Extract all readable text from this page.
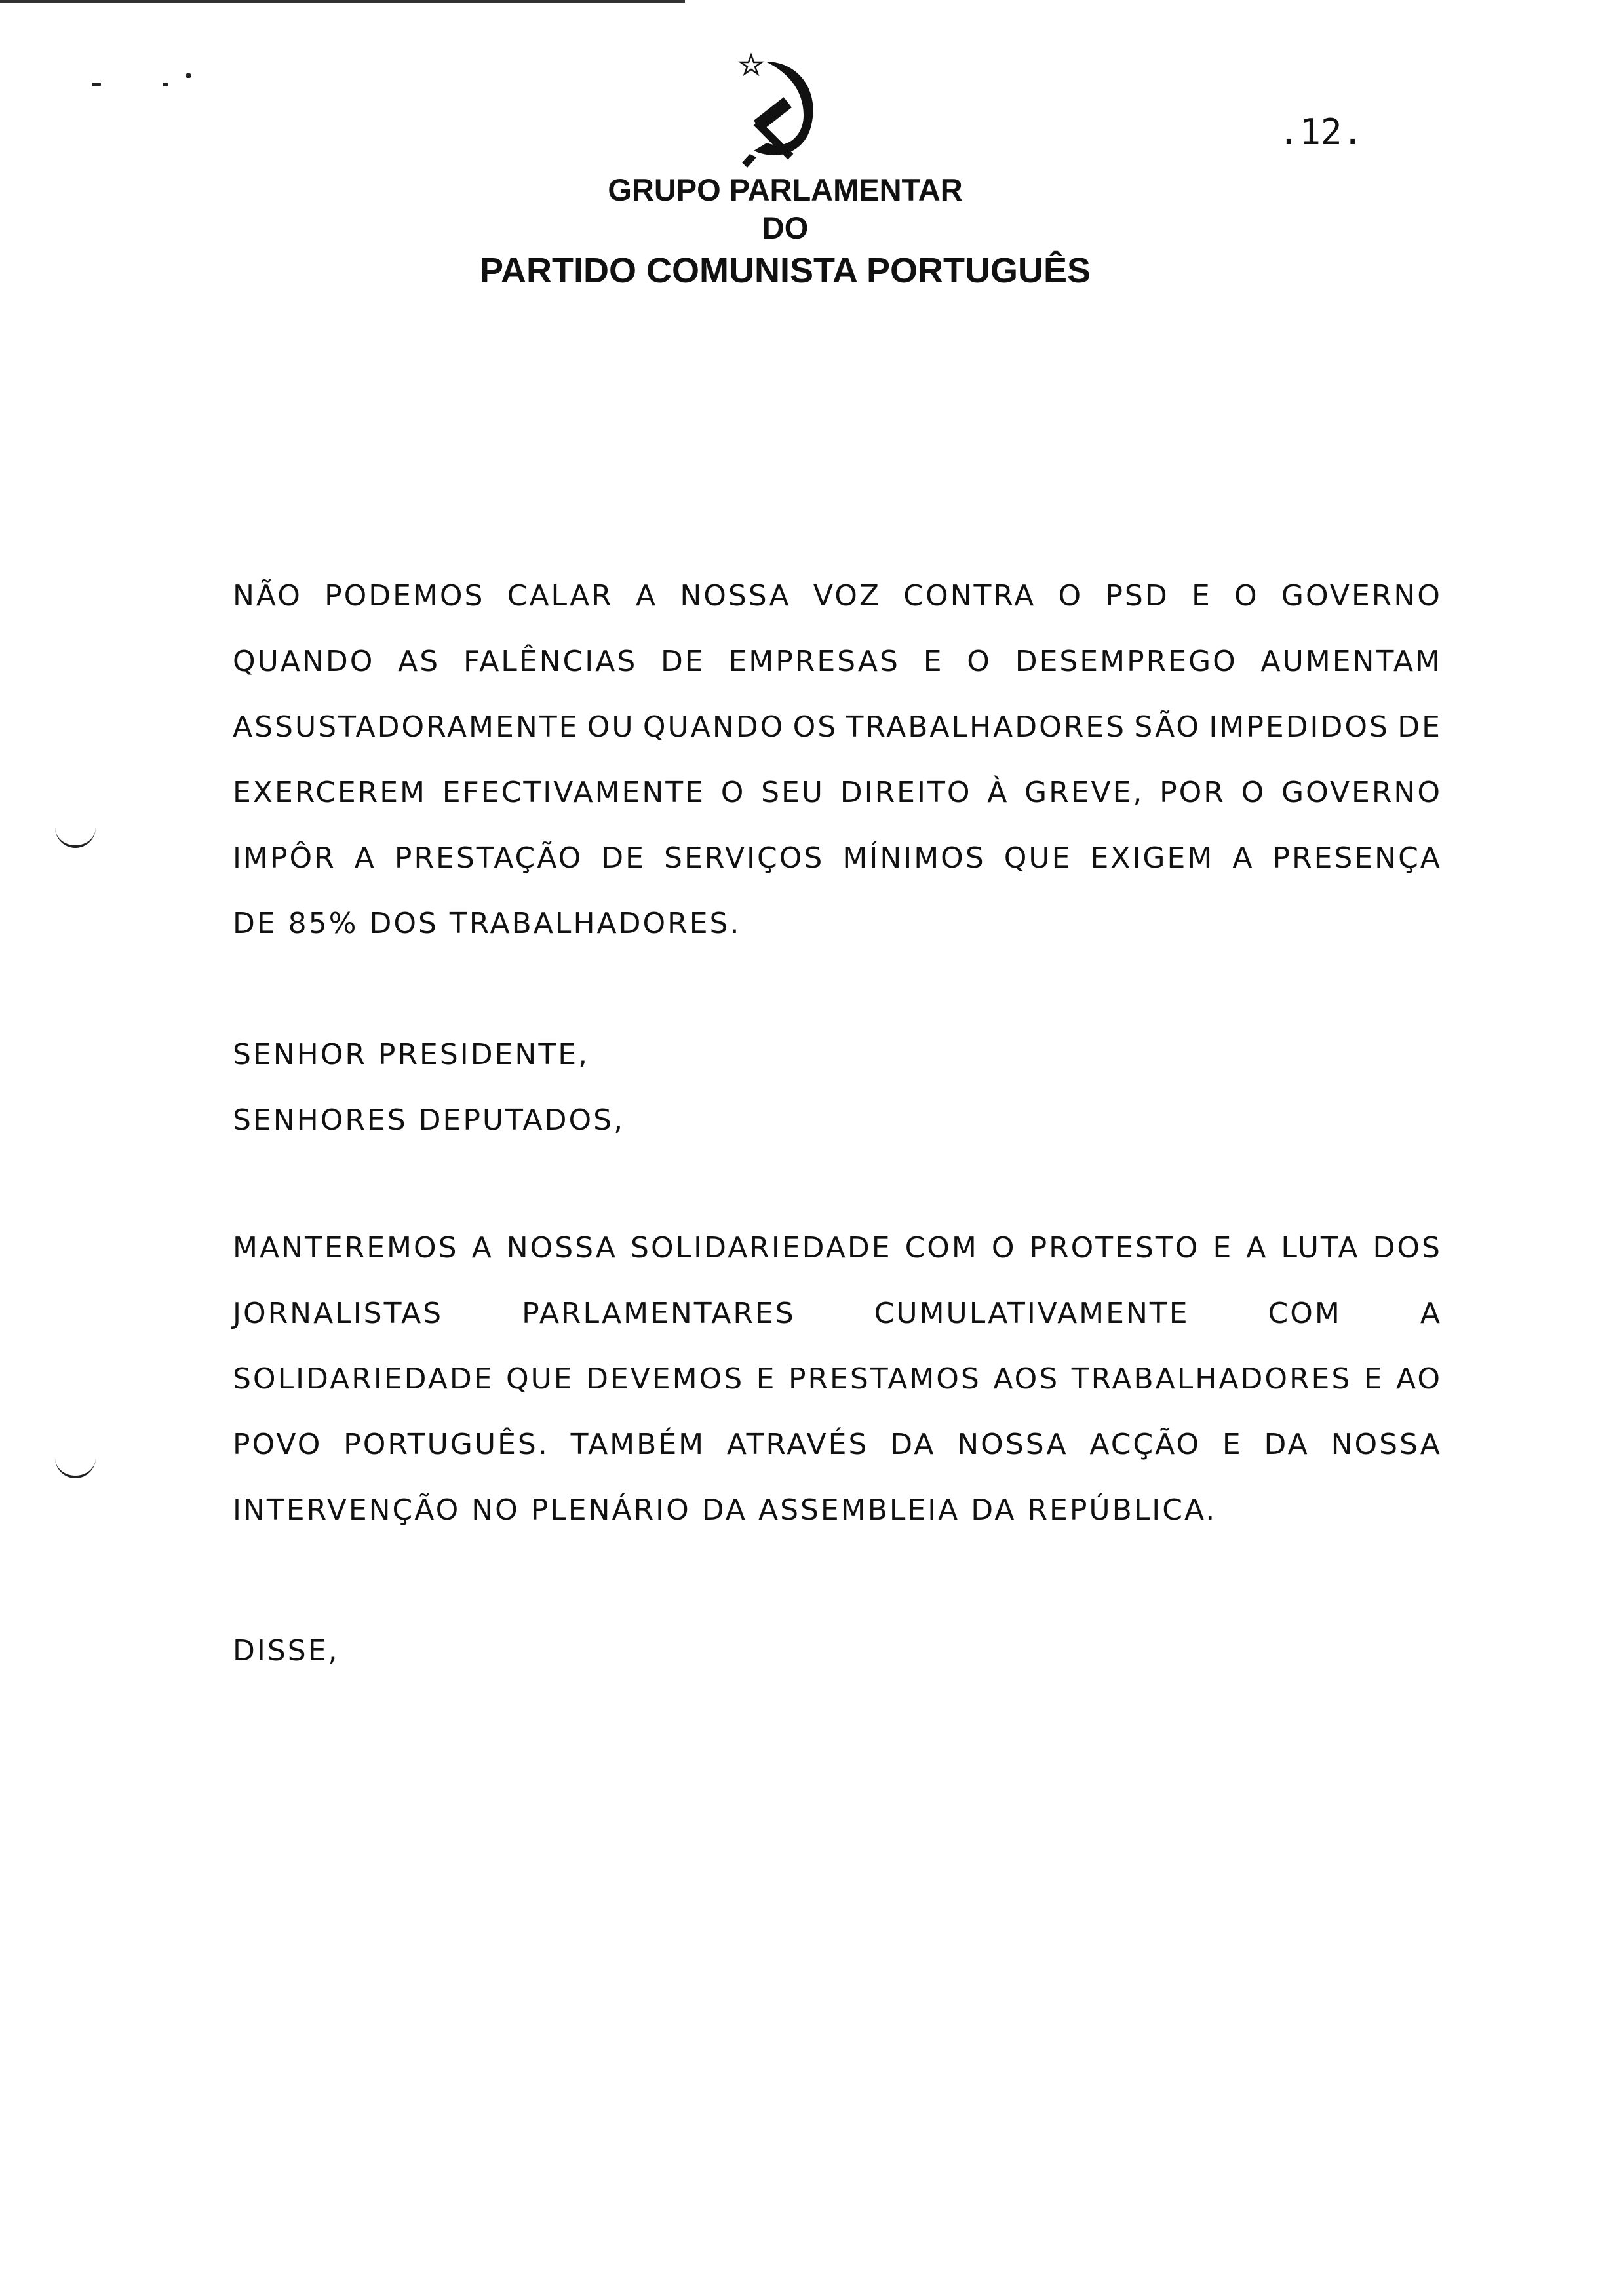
GRUPO PARLAMENTAR
DO
PARTIDO COMUNISTA PORTUGUÊS
.12.
NÃO PODEMOS CALAR A NOSSA VOZ CONTRA O PSD E O GOVERNO
QUANDO AS FALÊNCIAS DE EMPRESAS E O DESEMPREGO AUMENTAM
ASSUSTADORAMENTE OU QUANDO OS TRABALHADORES SÃO IMPEDIDOS DE
EXERCEREM EFECTIVAMENTE O SEU DIREITO À GREVE, POR O GOVERNO
IMPÔR A PRESTAÇÃO DE SERVIÇOS MÍNIMOS QUE EXIGEM A PRESENÇA
DE 85% DOS TRABALHADORES.
SENHOR PRESIDENTE,
SENHORES DEPUTADOS,
MANTEREMOS A NOSSA SOLIDARIEDADE COM O PROTESTO E A LUTA DOS
JORNALISTAS	PARLAMENTARES	CUMULATIVAMENTE	COM	A
SOLIDARIEDADE QUE DEVEMOS E PRESTAMOS AOS TRABALHADORES E AO
POVO PORTUGUÊS. TAMBÉM ATRAVÉS DA NOSSA ACÇÃO E DA NOSSA
INTERVENÇÃO NO PLENÁRIO DA ASSEMBLEIA DA REPÚBLICA.
DISSE,
